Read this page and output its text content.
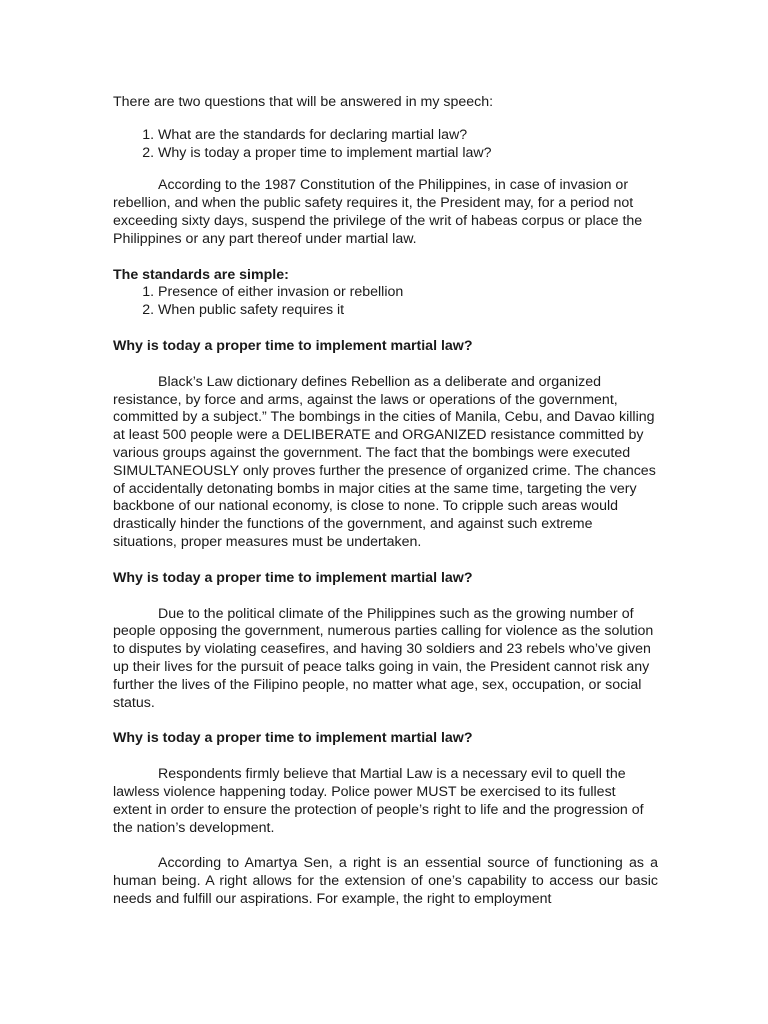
There are two questions that will be answered in my speech:

1. What are the standards for declaring martial law?
2. Why is today a proper time to implement martial law?

According to the 1987 Constitution of the Philippines, in case of invasion or rebellion, and when the public safety requires it, the President may, for a period not exceeding sixty days, suspend the privilege of the writ of habeas corpus or place the Philippines or any part thereof under martial law.

The standards are simple:

1. Presence of either invasion or rebellion
2. When public safety requires it

Why is today a proper time to implement martial law?

Black’s Law dictionary defines Rebellion as a deliberate and organized resistance, by force and arms, against the laws or operations of the government, committed by a subject.” The bombings in the cities of Manila, Cebu, and Davao killing at least 500 people were a DELIBERATE and ORGANIZED resistance committed by various groups against the government. The fact that the bombings were executed SIMULTANEOUSLY only proves further the presence of organized crime. The chances of accidentally detonating bombs in major cities at the same time, targeting the very backbone of our national economy, is close to none. To cripple such areas would drastically hinder the functions of the government, and against such extreme situations, proper measures must be undertaken.

Why is today a proper time to implement martial law?

Due to the political climate of the Philippines such as the growing number of people opposing the government, numerous parties calling for violence as the solution to disputes by violating ceasefires, and having 30 soldiers and 23 rebels who’ve given up their lives for the pursuit of peace talks going in vain, the President cannot risk any further the lives of the Filipino people, no matter what age, sex, occupation, or social status.

Why is today a proper time to implement martial law?

Respondents firmly believe that Martial Law is a necessary evil to quell the lawless violence happening today. Police power MUST be exercised to its fullest extent in order to ensure the protection of people’s right to life and the progression of the nation’s development.

According to Amartya Sen, a right is an essential source of functioning as a human being. A right allows for the extension of one’s capability to access our basic needs and fulfill our aspirations. For example, the right to employment
